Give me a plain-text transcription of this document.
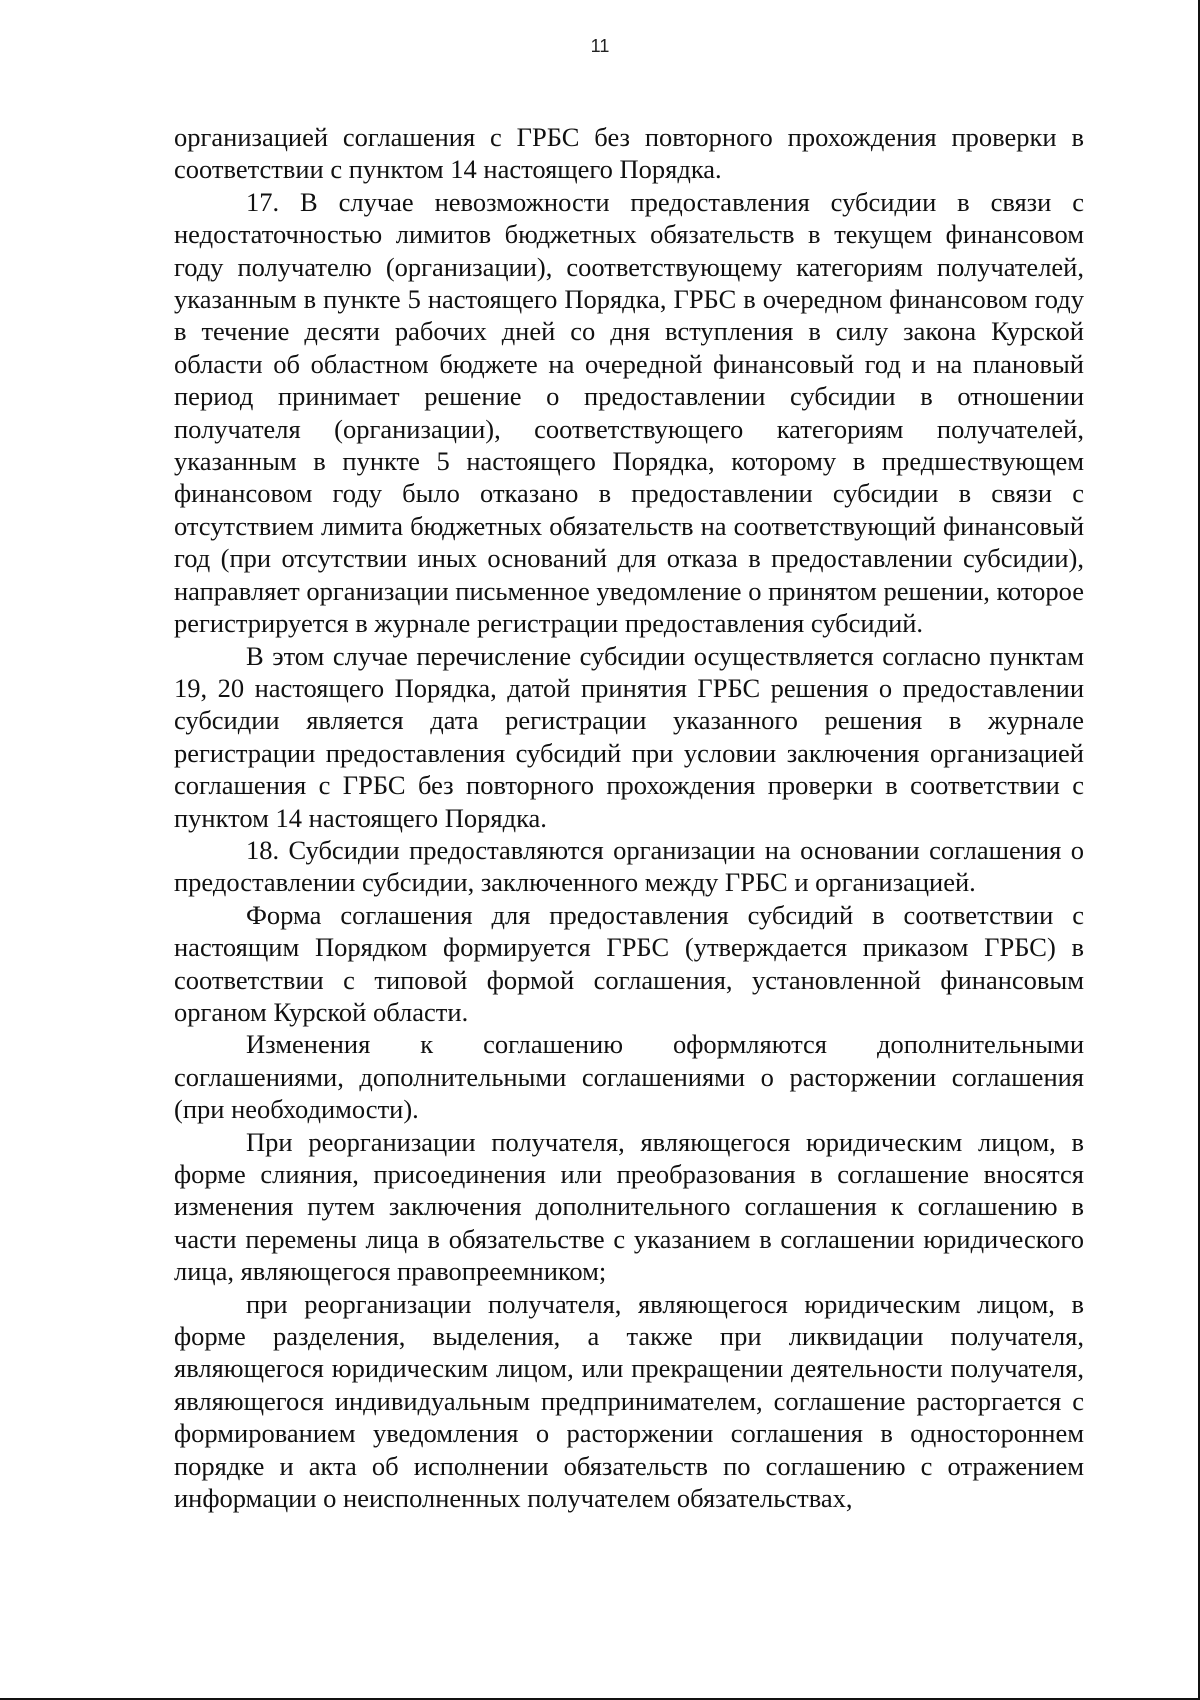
11

организацией соглашения с ГРБС без повторного прохождения проверки в соответствии с пунктом 14 настоящего Порядка.

17. В случае невозможности предоставления субсидии в связи с недостаточностью лимитов бюджетных обязательств в текущем финансовом году получателю (организации), соответствующему категориям получателей, указанным в пункте 5 настоящего Порядка, ГРБС в очередном финансовом году в течение десяти рабочих дней со дня вступления в силу закона Курской области об областном бюджете на очередной финансовый год и на плановый период принимает решение о предоставлении субсидии в отношении получателя (организации), соответствующего категориям получателей, указанным в пункте 5 настоящего Порядка, которому в предшествующем финансовом году было отказано в предоставлении субсидии в связи с отсутствием лимита бюджетных обязательств на соответствующий финансовый год (при отсутствии иных оснований для отказа в предоставлении субсидии), направляет организации письменное уведомление о принятом решении, которое регистрируется в журнале регистрации предоставления субсидий.

В этом случае перечисление субсидии осуществляется согласно пунктам 19, 20 настоящего Порядка, датой принятия ГРБС решения о предоставлении субсидии является дата регистрации указанного решения в журнале регистрации предоставления субсидий при условии заключения организацией соглашения с ГРБС без повторного прохождения проверки в соответствии с пунктом 14 настоящего Порядка.

18. Субсидии предоставляются организации на основании соглашения о предоставлении субсидии, заключенного между ГРБС и организацией.

Форма соглашения для предоставления субсидий в соответствии с настоящим Порядком формируется ГРБС (утверждается приказом ГРБС) в соответствии с типовой формой соглашения, установленной финансовым органом Курской области.

Изменения к соглашению оформляются дополнительными соглашениями, дополнительными соглашениями о расторжении соглашения (при необходимости).

При реорганизации получателя, являющегося юридическим лицом, в форме слияния, присоединения или преобразования в соглашение вносятся изменения путем заключения дополнительного соглашения к соглашению в части перемены лица в обязательстве с указанием в соглашении юридического лица, являющегося правопреемником;

при реорганизации получателя, являющегося юридическим лицом, в форме разделения, выделения, а также при ликвидации получателя, являющегося юридическим лицом, или прекращении деятельности получателя, являющегося индивидуальным предпринимателем, соглашение расторгается с формированием уведомления о расторжении соглашения в одностороннем порядке и акта об исполнении обязательств по соглашению с отражением информации о неисполненных получателем обязательствах,
